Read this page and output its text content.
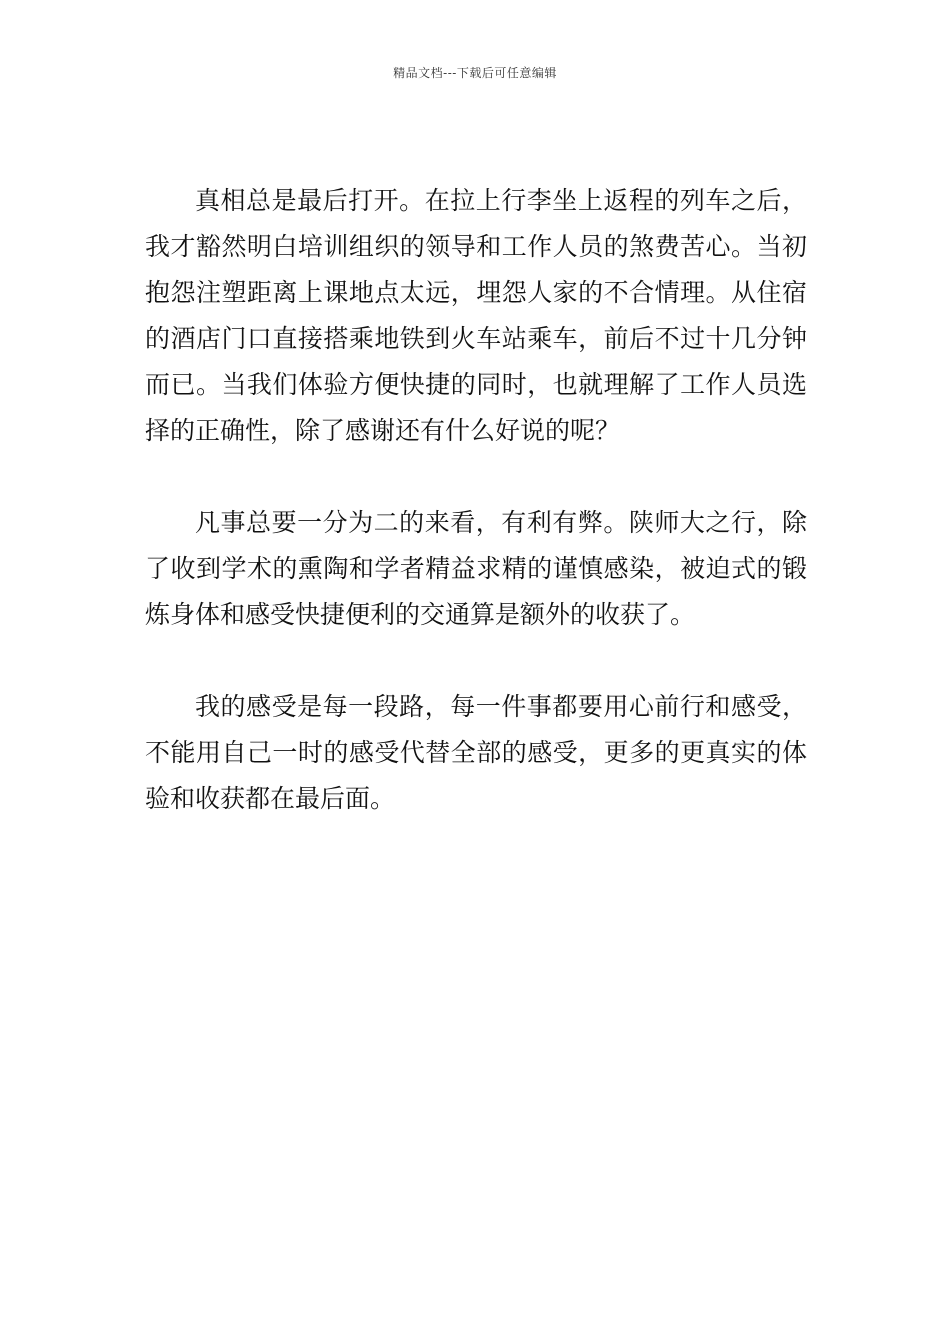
精品文档---下载后可任意编辑

真相总是最后打开。在拉上行李坐上返程的列车之后，我才豁然明白培训组织的领导和工作人员的煞费苦心。当初抱怨注塑距离上课地点太远，埋怨人家的不合情理。从住宿的酒店门口直接搭乘地铁到火车站乘车，前后不过十几分钟而已。当我们体验方便快捷的同时，也就理解了工作人员选择的正确性，除了感谢还有什么好说的呢？

凡事总要一分为二的来看，有利有弊。陕师大之行，除了收到学术的熏陶和学者精益求精的谨慎感染，被迫式的锻炼身体和感受快捷便利的交通算是额外的收获了。

我的感受是每一段路，每一件事都要用心前行和感受，不能用自己一时的感受代替全部的感受，更多的更真实的体验和收获都在最后面。
